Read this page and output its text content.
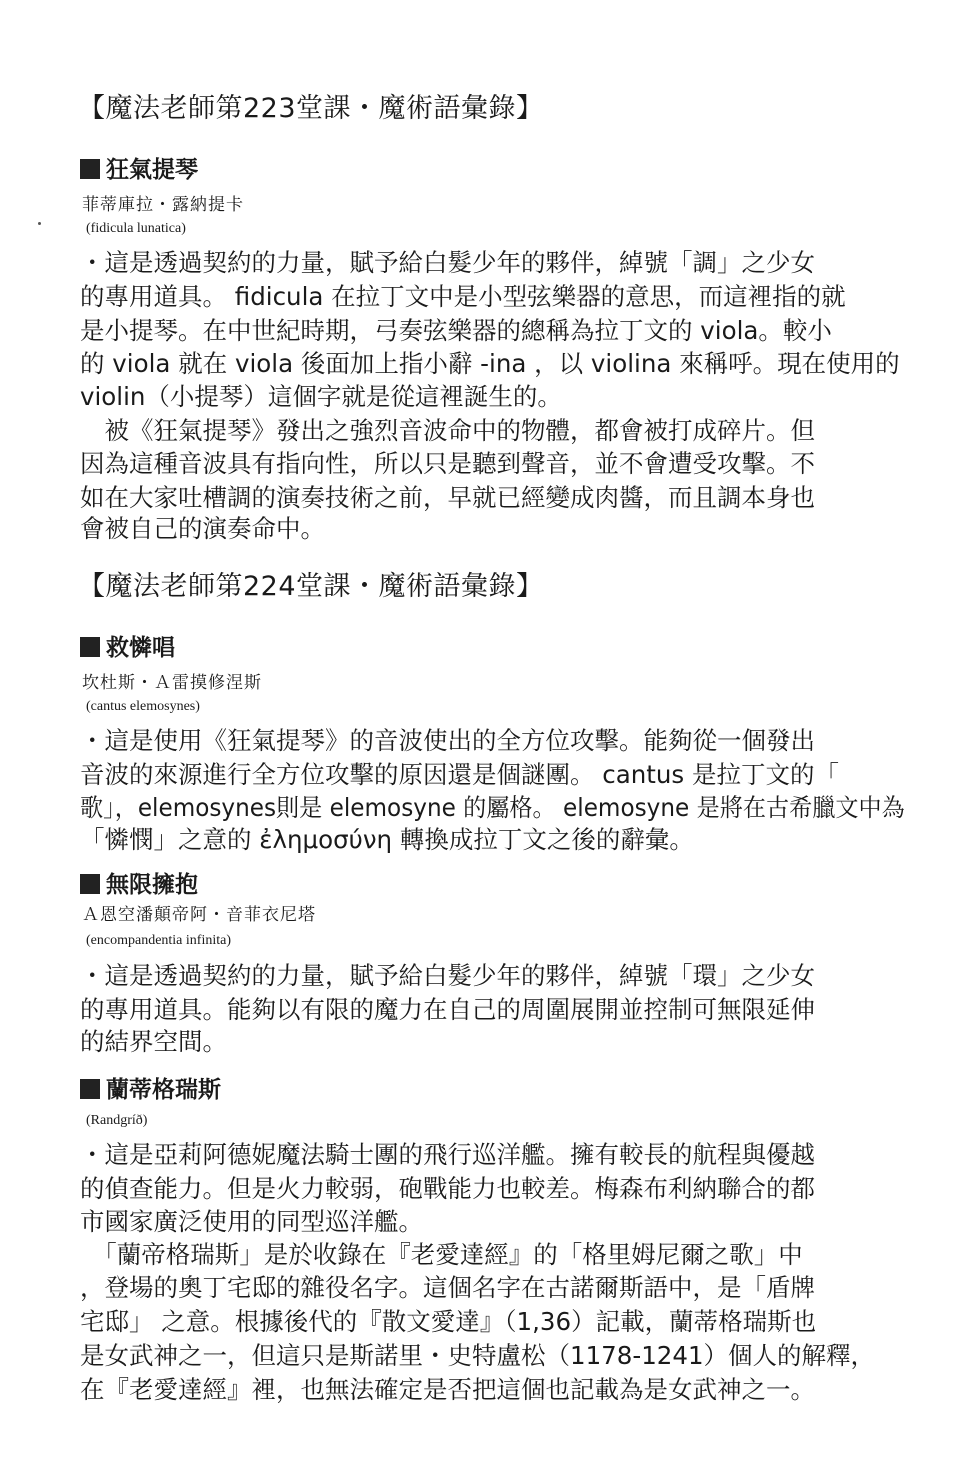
【魔法老師第223堂課・魔術語彙錄】
狂氣提琴
菲蒂庫拉・露納提卡
(fidicula lunatica)
・這是透過契約的力量，賦予給白髮少年的夥伴，綽號「調」之少女
的專用道具。 fidicula 在拉丁文中是小型弦樂器的意思，而這裡指的就
是小提琴。在中世紀時期，弓奏弦樂器的總稱為拉丁文的 viola。較小
的 viola 就在 viola 後面加上指小辭 -ina ，以 violina 來稱呼。現在使用的
violin（小提琴）這個字就是從這裡誕生的。
　被《狂氣提琴》發出之強烈音波命中的物體，都會被打成碎片。但
因為這種音波具有指向性，所以只是聽到聲音，並不會遭受攻擊。不
如在大家吐槽調的演奏技術之前，早就已經變成肉醬，而且調本身也
會被自己的演奏命中。
【魔法老師第224堂課・魔術語彙錄】
救憐唱
坎杜斯・Ａ雷摸修涅斯
(cantus elemosynes)
・這是使用《狂氣提琴》的音波使出的全方位攻擊。能夠從一個發出
音波的來源進行全方位攻擊的原因還是個謎團。 cantus 是拉丁文的「
歌」，elemosynes則是 elemosyne 的屬格。 elemosyne 是將在古希臘文中為
「憐憫」之意的 ἐλημοσύνη 轉換成拉丁文之後的辭彙。
無限擁抱
Ａ恩空潘顛帝阿・音菲衣尼塔
(encompandentia infinita)
・這是透過契約的力量，賦予給白髮少年的夥伴，綽號「環」之少女
的專用道具。能夠以有限的魔力在自己的周圍展開並控制可無限延伸
的結界空間。
蘭蒂格瑞斯
(Randgríð)
・這是亞莉阿德妮魔法騎士團的飛行巡洋艦。擁有較長的航程與優越
的偵查能力。但是火力較弱，砲戰能力也較差。梅森布利納聯合的都
市國家廣泛使用的同型巡洋艦。
　「蘭帝格瑞斯」是於收錄在『老愛達經』的「格里姆尼爾之歌」中
，登場的奧丁宅邸的雜役名字。這個名字在古諾爾斯語中，是「盾牌
宅邸」 之意。根據後代的『散文愛達』（1,36）記載，蘭蒂格瑞斯也
是女武神之一，但這只是斯諾里・史特盧松（1178-1241）個人的解釋，
在『老愛達經』裡，也無法確定是否把這個也記載為是女武神之一。
